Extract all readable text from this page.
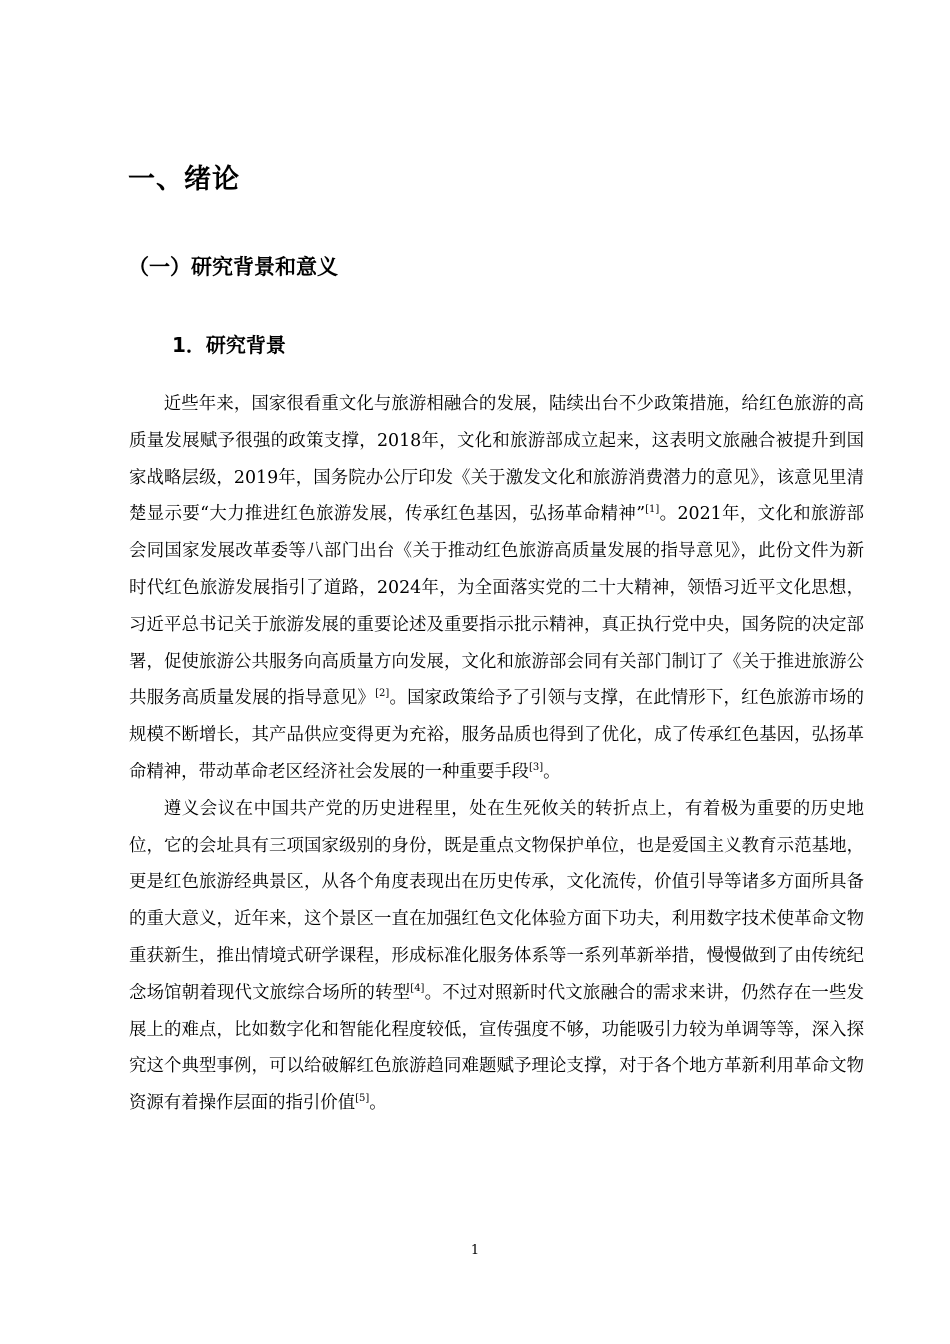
一、绪论
（一）研究背景和意义
1．研究背景

近些年来，国家很看重文化与旅游相融合的发展，陆续出台不少政策措施，给红色旅游的高质量发展赋予很强的政策支撑，2018年，文化和旅游部成立起来，这表明文旅融合被提升到国家战略层级，2019年，国务院办公厅印发《关于激发文化和旅游消费潜力的意见》，该意见里清楚显示要“大力推进红色旅游发展，传承红色基因，弘扬革命精神”[1]。2021年，文化和旅游部会同国家发展改革委等八部门出台《关于推动红色旅游高质量发展的指导意见》，此份文件为新时代红色旅游发展指引了道路，2024年，为全面落实党的二十大精神，领悟习近平文化思想，习近平总书记关于旅游发展的重要论述及重要指示批示精神，真正执行党中央，国务院的决定部署，促使旅游公共服务向高质量方向发展，文化和旅游部会同有关部门制订了《关于推进旅游公共服务高质量发展的指导意见》[2]。国家政策给予了引领与支撑，在此情形下，红色旅游市场的规模不断增长，其产品供应变得更为充裕，服务品质也得到了优化，成了传承红色基因，弘扬革命精神，带动革命老区经济社会发展的一种重要手段[3]。

遵义会议在中国共产党的历史进程里，处在生死攸关的转折点上，有着极为重要的历史地位，它的会址具有三项国家级别的身份，既是重点文物保护单位，也是爱国主义教育示范基地，更是红色旅游经典景区，从各个角度表现出在历史传承，文化流传，价值引导等诸多方面所具备的重大意义，近年来，这个景区一直在加强红色文化体验方面下功夫，利用数字技术使革命文物重获新生，推出情境式研学课程，形成标准化服务体系等一系列革新举措，慢慢做到了由传统纪念场馆朝着现代文旅综合场所的转型[4]。不过对照新时代文旅融合的需求来讲，仍然存在一些发展上的难点，比如数字化和智能化程度较低，宣传强度不够，功能吸引力较为单调等等，深入探究这个典型事例，可以给破解红色旅游趋同难题赋予理论支撑，对于各个地方革新利用革命文物资源有着操作层面的指引价值[5]。

1
